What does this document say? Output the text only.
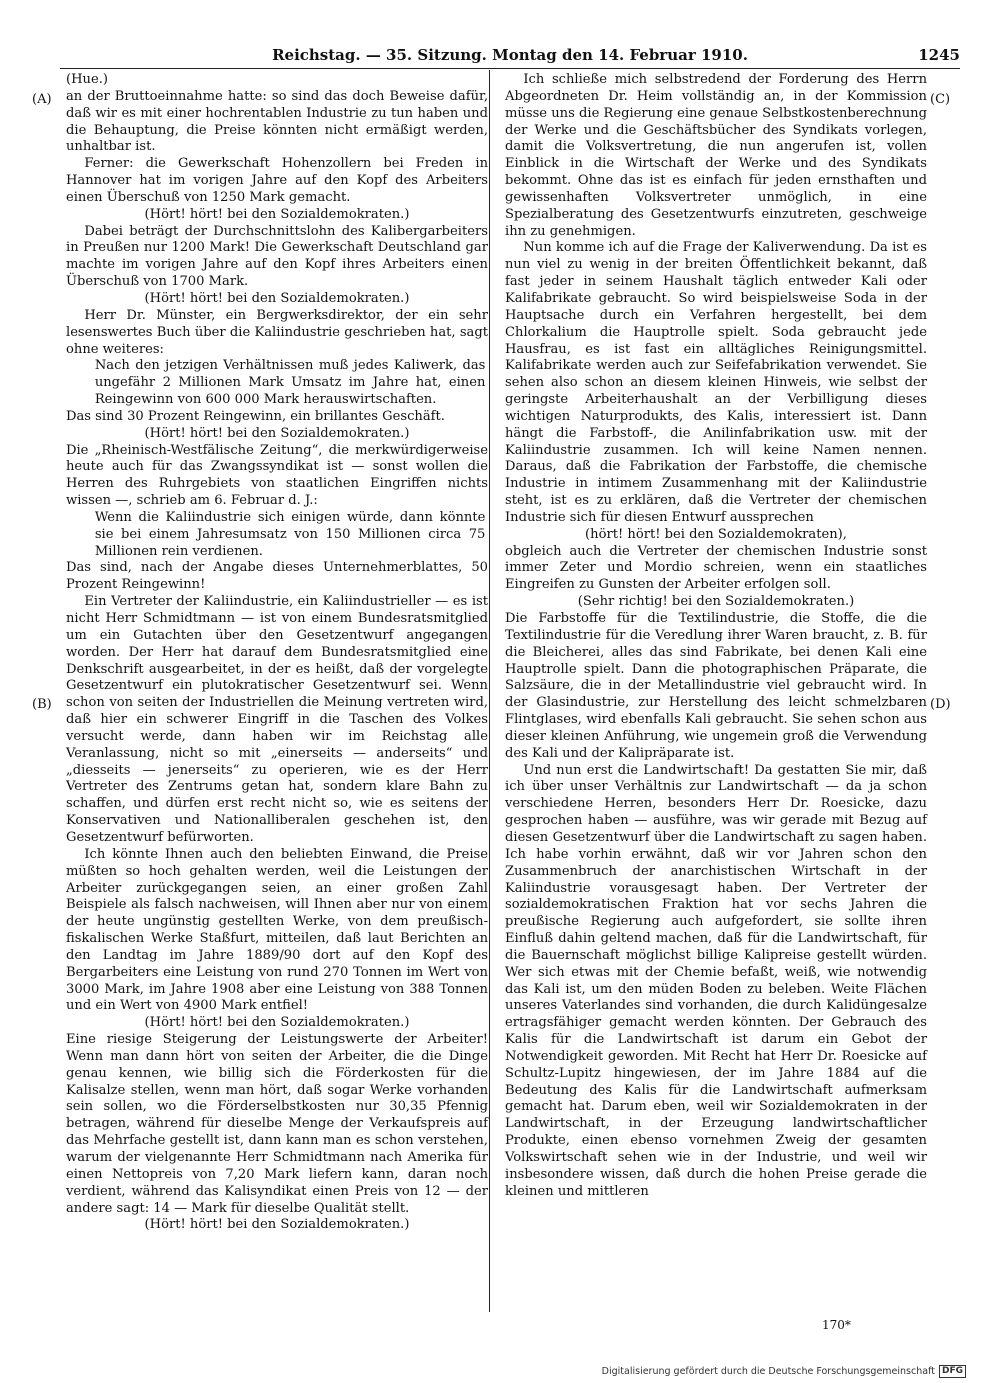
Reichstag. — 35. Sitzung. Montag den 14. Februar 1910.	1245
(A)
(B)
(C)
(D)

(Hue.)

an der Bruttoeinnahme hatte: so sind das doch Beweise dafür, daß wir es mit einer hochrentablen Industrie zu tun haben und die Behauptung, die Preise könnten nicht ermäßigt werden, unhaltbar ist.

Ferner: die Gewerkschaft Hohenzollern bei Freden in Hannover hat im vorigen Jahre auf den Kopf des Arbeiters einen Überschuß von 1250 Mark gemacht.

(Hört! hört! bei den Sozialdemokraten.)

Dabei beträgt der Durchschnittslohn des Kalibergarbeiters in Preußen nur 1200 Mark! Die Gewerkschaft Deutschland gar machte im vorigen Jahre auf den Kopf ihres Arbeiters einen Überschuß von 1700 Mark.

(Hört! hört! bei den Sozialdemokraten.)

Herr Dr. Münster, ein Bergwerksdirektor, der ein sehr lesenswertes Buch über die Kaliindustrie geschrieben hat, sagt ohne weiteres:

Nach den jetzigen Verhältnissen muß jedes Kaliwerk, das ungefähr 2 Millionen Mark Umsatz im Jahre hat, einen Reingewinn von 600 000 Mark herauswirtschaften.

Das sind 30 Prozent Reingewinn, ein brillantes Geschäft.

(Hört! hört! bei den Sozialdemokraten.)

Die „Rheinisch-Westfälische Zeitung“, die merkwürdigerweise heute auch für das Zwangssyndikat ist — sonst wollen die Herren des Ruhrgebiets von staatlichen Eingriffen nichts wissen —, schrieb am 6. Februar d. J.:

Wenn die Kaliindustrie sich einigen würde, dann könnte sie bei einem Jahresumsatz von 150 Millionen circa 75 Millionen rein verdienen.

Das sind, nach der Angabe dieses Unternehmerblattes, 50 Prozent Reingewinn!

Ein Vertreter der Kaliindustrie, ein Kaliindustrieller — es ist nicht Herr Schmidtmann — ist von einem Bundesratsmitglied um ein Gutachten über den Gesetzentwurf angegangen worden. Der Herr hat darauf dem Bundesratsmitglied eine Denkschrift ausgearbeitet, in der es heißt, daß der vorgelegte Gesetzentwurf ein plutokratischer Gesetzentwurf sei. Wenn schon von seiten der Industriellen die Meinung vertreten wird, daß hier ein schwerer Eingriff in die Taschen des Volkes versucht werde, dann haben wir im Reichstag alle Veranlassung, nicht so mit „einerseits — anderseits“ und „diesseits — jenerseits“ zu operieren, wie es der Herr Vertreter des Zentrums getan hat, sondern klare Bahn zu schaffen, und dürfen erst recht nicht so, wie es seitens der Konservativen und Nationalliberalen geschehen ist, den Gesetzentwurf befürworten.

Ich könnte Ihnen auch den beliebten Einwand, die Preise müßten so hoch gehalten werden, weil die Leistungen der Arbeiter zurückgegangen seien, an einer großen Zahl Beispiele als falsch nachweisen, will Ihnen aber nur von einem der heute ungünstig gestellten Werke, von dem preußisch-fiskalischen Werke Staßfurt, mitteilen, daß laut Berichten an den Landtag im Jahre 1889/90 dort auf den Kopf des Bergarbeiters eine Leistung von rund 270 Tonnen im Wert von 3000 Mark, im Jahre 1908 aber eine Leistung von 388 Tonnen und ein Wert von 4900 Mark entfiel!

(Hört! hört! bei den Sozialdemokraten.)

Eine riesige Steigerung der Leistungswerte der Arbeiter! Wenn man dann hört von seiten der Arbeiter, die die Dinge genau kennen, wie billig sich die Förderkosten für die Kalisalze stellen, wenn man hört, daß sogar Werke vorhanden sein sollen, wo die Förderselbstkosten nur 30,35 Pfennig betragen, während für dieselbe Menge der Verkaufspreis auf das Mehrfache gestellt ist, dann kann man es schon verstehen, warum der vielgenannte Herr Schmidtmann nach Amerika für einen Nettopreis von 7,20 Mark liefern kann, daran noch verdient, während das Kalisyndikat einen Preis von 12 — der andere sagt: 14 — Mark für dieselbe Qualität stellt.

(Hört! hört! bei den Sozialdemokraten.)

Ich schließe mich selbstredend der Forderung des Herrn Abgeordneten Dr. Heim vollständig an, in der Kommission müsse uns die Regierung eine genaue Selbstkostenberechnung der Werke und die Geschäftsbücher des Syndikats vorlegen, damit die Volksvertretung, die nun angerufen ist, vollen Einblick in die Wirtschaft der Werke und des Syndikats bekommt. Ohne das ist es einfach für jeden ernsthaften und gewissenhaften Volksvertreter unmöglich, in eine Spezialberatung des Gesetzentwurfs einzutreten, geschweige ihn zu genehmigen.

Nun komme ich auf die Frage der Kaliverwendung. Da ist es nun viel zu wenig in der breiten Öffentlichkeit bekannt, daß fast jeder in seinem Haushalt täglich entweder Kali oder Kalifabrikate gebraucht. So wird beispielsweise Soda in der Hauptsache durch ein Verfahren hergestellt, bei dem Chlorkalium die Hauptrolle spielt. Soda gebraucht jede Hausfrau, es ist fast ein alltägliches Reinigungsmittel. Kalifabrikate werden auch zur Seifefabrikation verwendet. Sie sehen also schon an diesem kleinen Hinweis, wie selbst der geringste Arbeiterhaushalt an der Verbilligung dieses wichtigen Naturprodukts, des Kalis, interessiert ist. Dann hängt die Farbstoff-, die Anilinfabrikation usw. mit der Kaliindustrie zusammen. Ich will keine Namen nennen. Daraus, daß die Fabrikation der Farbstoffe, die chemische Industrie in intimem Zusammenhang mit der Kaliindustrie steht, ist es zu erklären, daß die Vertreter der chemischen Industrie sich für diesen Entwurf aussprechen

(hört! hört! bei den Sozialdemokraten),

obgleich auch die Vertreter der chemischen Industrie sonst immer Zeter und Mordio schreien, wenn ein staatliches Eingreifen zu Gunsten der Arbeiter erfolgen soll.

(Sehr richtig! bei den Sozialdemokraten.)

Die Farbstoffe für die Textilindustrie, die Stoffe, die die Textilindustrie für die Veredlung ihrer Waren braucht, z. B. für die Bleicherei, alles das sind Fabrikate, bei denen Kali eine Hauptrolle spielt. Dann die photographischen Präparate, die Salzsäure, die in der Metallindustrie viel gebraucht wird. In der Glasindustrie, zur Herstellung des leicht schmelzbaren Flintglases, wird ebenfalls Kali gebraucht. Sie sehen schon aus dieser kleinen Anführung, wie ungemein groß die Verwendung des Kali und der Kalipräparate ist.

Und nun erst die Landwirtschaft! Da gestatten Sie mir, daß ich über unser Verhältnis zur Landwirtschaft — da ja schon verschiedene Herren, besonders Herr Dr. Roesicke, dazu gesprochen haben — ausführe, was wir gerade mit Bezug auf diesen Gesetzentwurf über die Landwirtschaft zu sagen haben. Ich habe vorhin erwähnt, daß wir vor Jahren schon den Zusammenbruch der anarchistischen Wirtschaft in der Kaliindustrie vorausgesagt haben. Der Vertreter der sozialdemokratischen Fraktion hat vor sechs Jahren die preußische Regierung auch aufgefordert, sie sollte ihren Einfluß dahin geltend machen, daß für die Landwirtschaft, für die Bauernschaft möglichst billige Kalipreise gestellt würden. Wer sich etwas mit der Chemie befaßt, weiß, wie notwendig das Kali ist, um den müden Boden zu beleben. Weite Flächen unseres Vaterlandes sind vorhanden, die durch Kalidüngesalze ertragsfähiger gemacht werden könnten. Der Gebrauch des Kalis für die Landwirtschaft ist darum ein Gebot der Notwendigkeit geworden. Mit Recht hat Herr Dr. Roesicke auf Schultz-Lupitz hingewiesen, der im Jahre 1884 auf die Bedeutung des Kalis für die Landwirtschaft aufmerksam gemacht hat. Darum eben, weil wir Sozialdemokraten in der Landwirtschaft, in der Erzeugung landwirtschaftlicher Produkte, einen ebenso vornehmen Zweig der gesamten Volkswirtschaft sehen wie in der Industrie, und weil wir insbesondere wissen, daß durch die hohen Preise gerade die kleinen und mittleren

170*
Digitalisierung gefördert durch die Deutsche Forschungsgemeinschaft DFG
